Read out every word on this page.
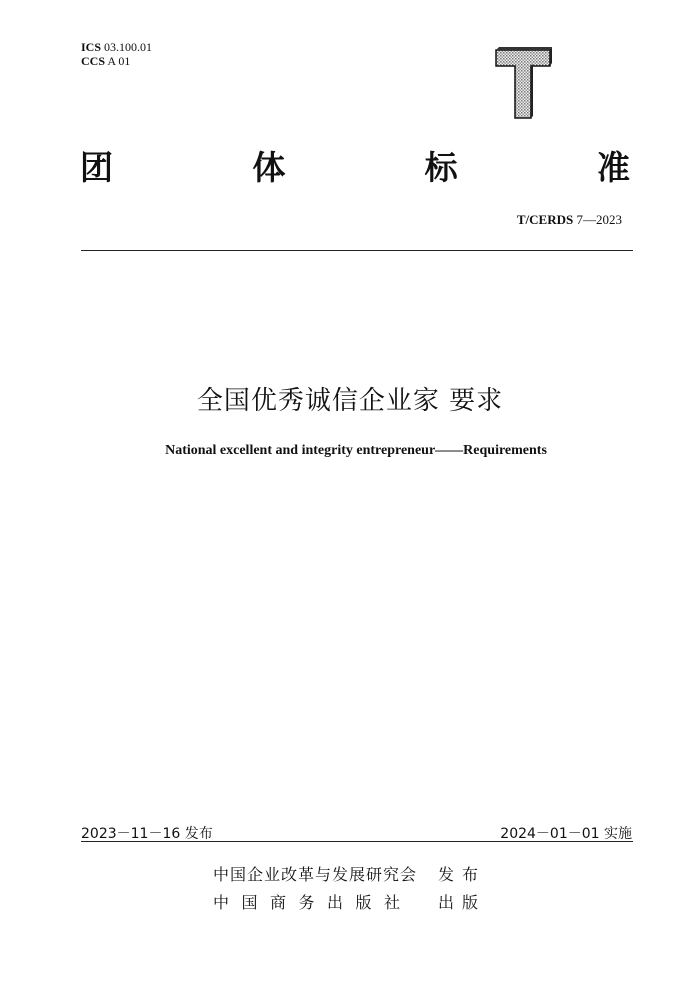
ICS 03.100.01
CCS A 01
团	体	标	准
T/CERDS 7—2023
全国优秀诚信企业家 要求
National excellent and integrity entrepreneur——Requirements
2023－11－16 发布	2024－01－01 实施
中国企业改革与发展研究会	发布
中国商务出版社	出版
